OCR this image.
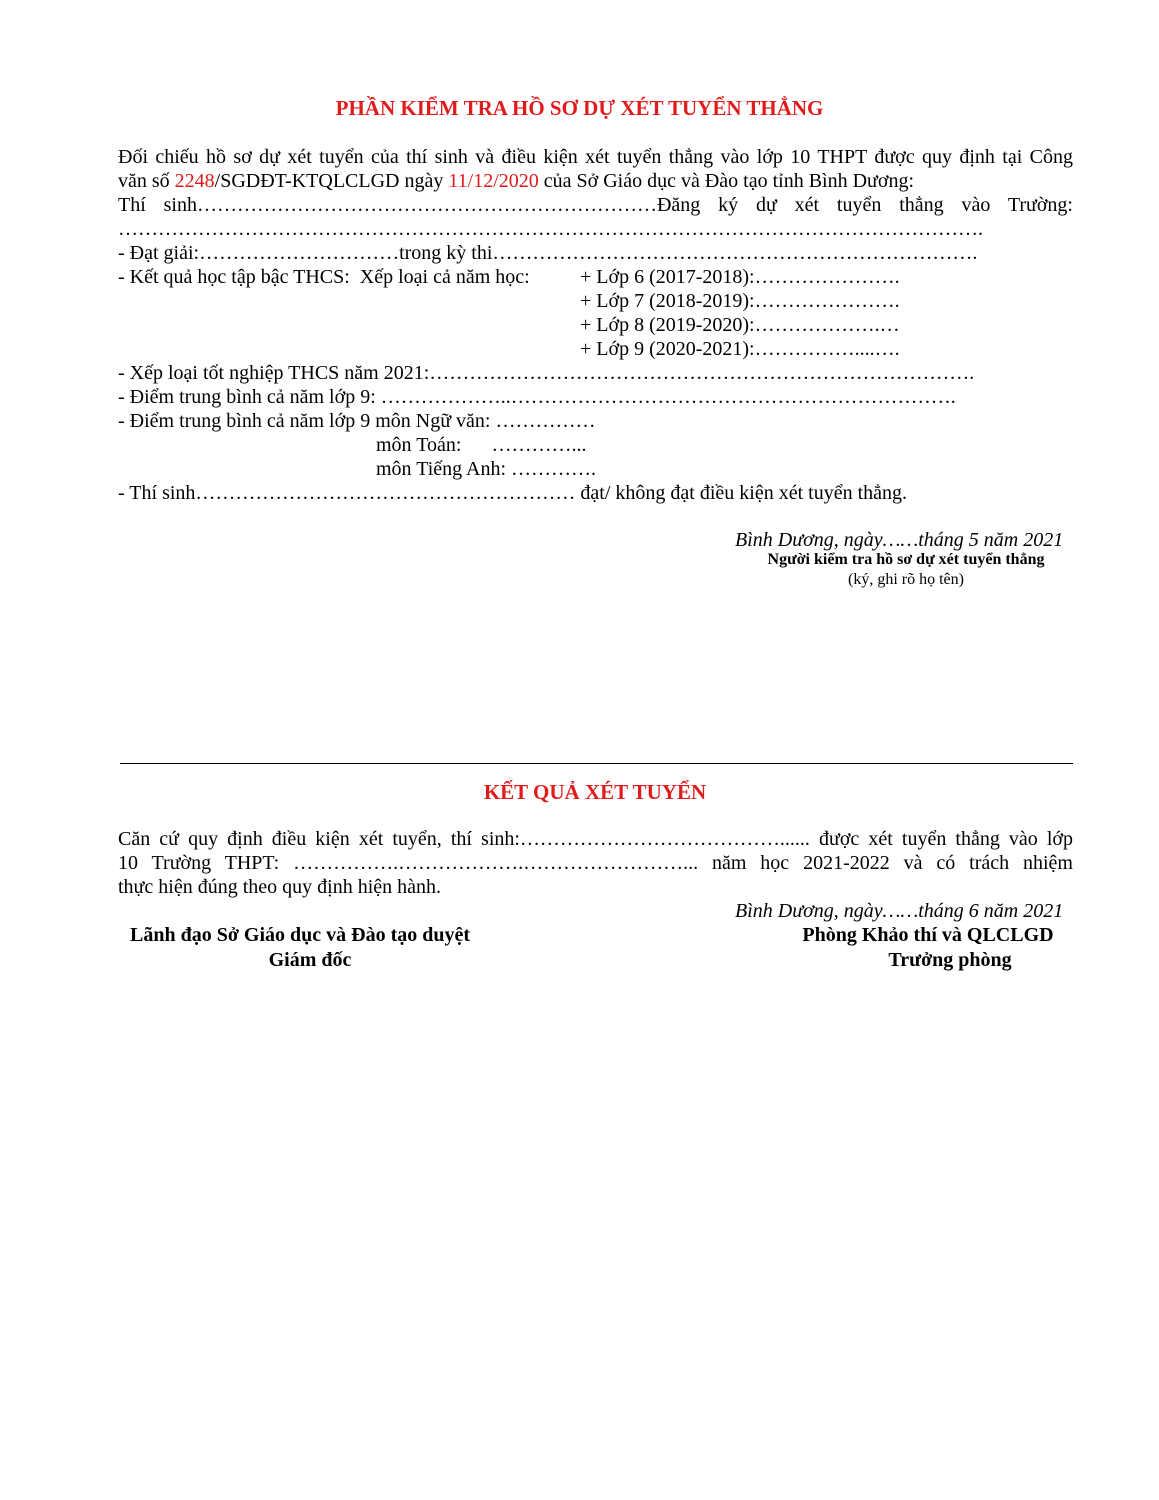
PHẦN KIỂM TRA HỒ SƠ DỰ XÉT TUYỂN THẲNG
Đối chiếu hồ sơ dự xét tuyển của thí sinh và điều kiện xét tuyển thẳng vào lớp 10 THPT được quy định tại Công
văn số 2248/SGDĐT-KTQLCLGD ngày 11/12/2020 của Sở Giáo dục và Đào tạo tỉnh Bình Dương:
Thí sinh……………………………………………………………Đăng ký dự xét tuyển thẳng vào Trường:
………………………………………………………………………………………………………………….
- Đạt giải:…………………………trong kỳ thi……………………………………………………………….
- Kết quả học tập bậc THCS:  Xếp loại cả năm học:	+ Lớp 6 (2017-2018):………………….
+ Lớp 7 (2018-2019):………………….
+ Lớp 8 (2019-2020):……………….…
+ Lớp 9 (2020-2021):……………....….
- Xếp loại tốt nghiệp THCS năm 2021:……………………………………………………………………….
- Điểm trung bình cả năm lớp 9: ………………..………………………………………………………….
- Điểm trung bình cả năm lớp 9 môn Ngữ văn: ……………
môn Toán:      …………...
môn Tiếng Anh: ………….
- Thí sinh………………………………………………… đạt/ không đạt điều kiện xét tuyển thẳng.
Bình Dương, ngày……tháng 5 năm 2021
Người kiểm tra hồ sơ dự xét tuyển thẳng
(ký, ghi rõ họ tên)
KẾT QUẢ XÉT TUYỂN
Căn cứ quy định điều kiện xét tuyển, thí sinh:…………………………………...... được xét tuyển thẳng vào lớp
10 Trường THPT: …………….……………….……………………... năm học 2021-2022 và có trách nhiệm
thực hiện đúng theo quy định hiện hành.
Bình Dương, ngày……tháng 6 năm 2021
Lãnh đạo Sở Giáo dục và Đào tạo duyệt
Giám đốc
Phòng Khảo thí và QLCLGD
Trưởng phòng
